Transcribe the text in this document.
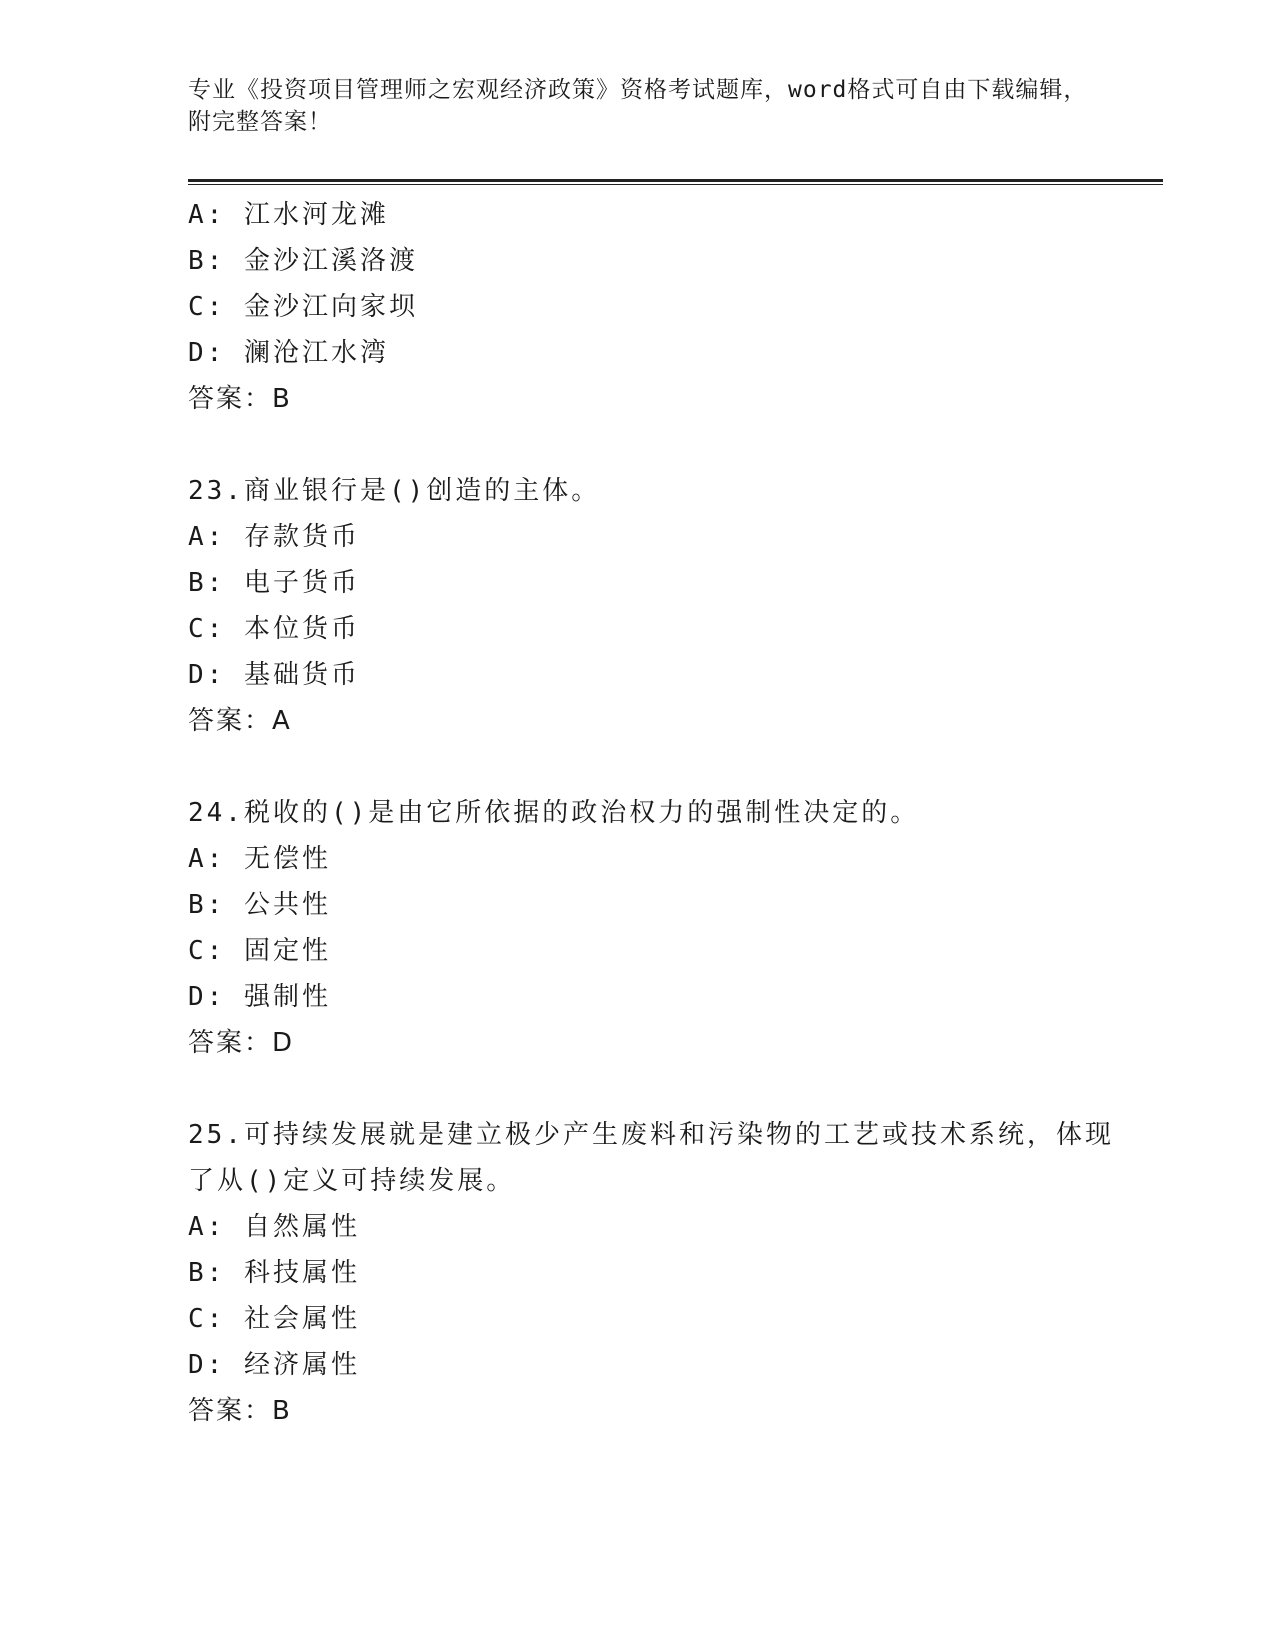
专业《投资项目管理师之宏观经济政策》资格考试题库，word格式可自由下载编辑，附完整答案！
A: 江水河龙滩
B: 金沙江溪洛渡
C: 金沙江向家坝
D: 澜沧江水湾
答案：B
23.商业银行是()创造的主体。
A: 存款货币
B: 电子货币
C: 本位货币
D: 基础货币
答案：A
24.税收的()是由它所依据的政治权力的强制性决定的。
A: 无偿性
B: 公共性
C: 固定性
D: 强制性
答案：D
25.可持续发展就是建立极少产生废料和污染物的工艺或技术系统，体现了从()定义可持续发展。
A: 自然属性
B: 科技属性
C: 社会属性
D: 经济属性
答案：B
